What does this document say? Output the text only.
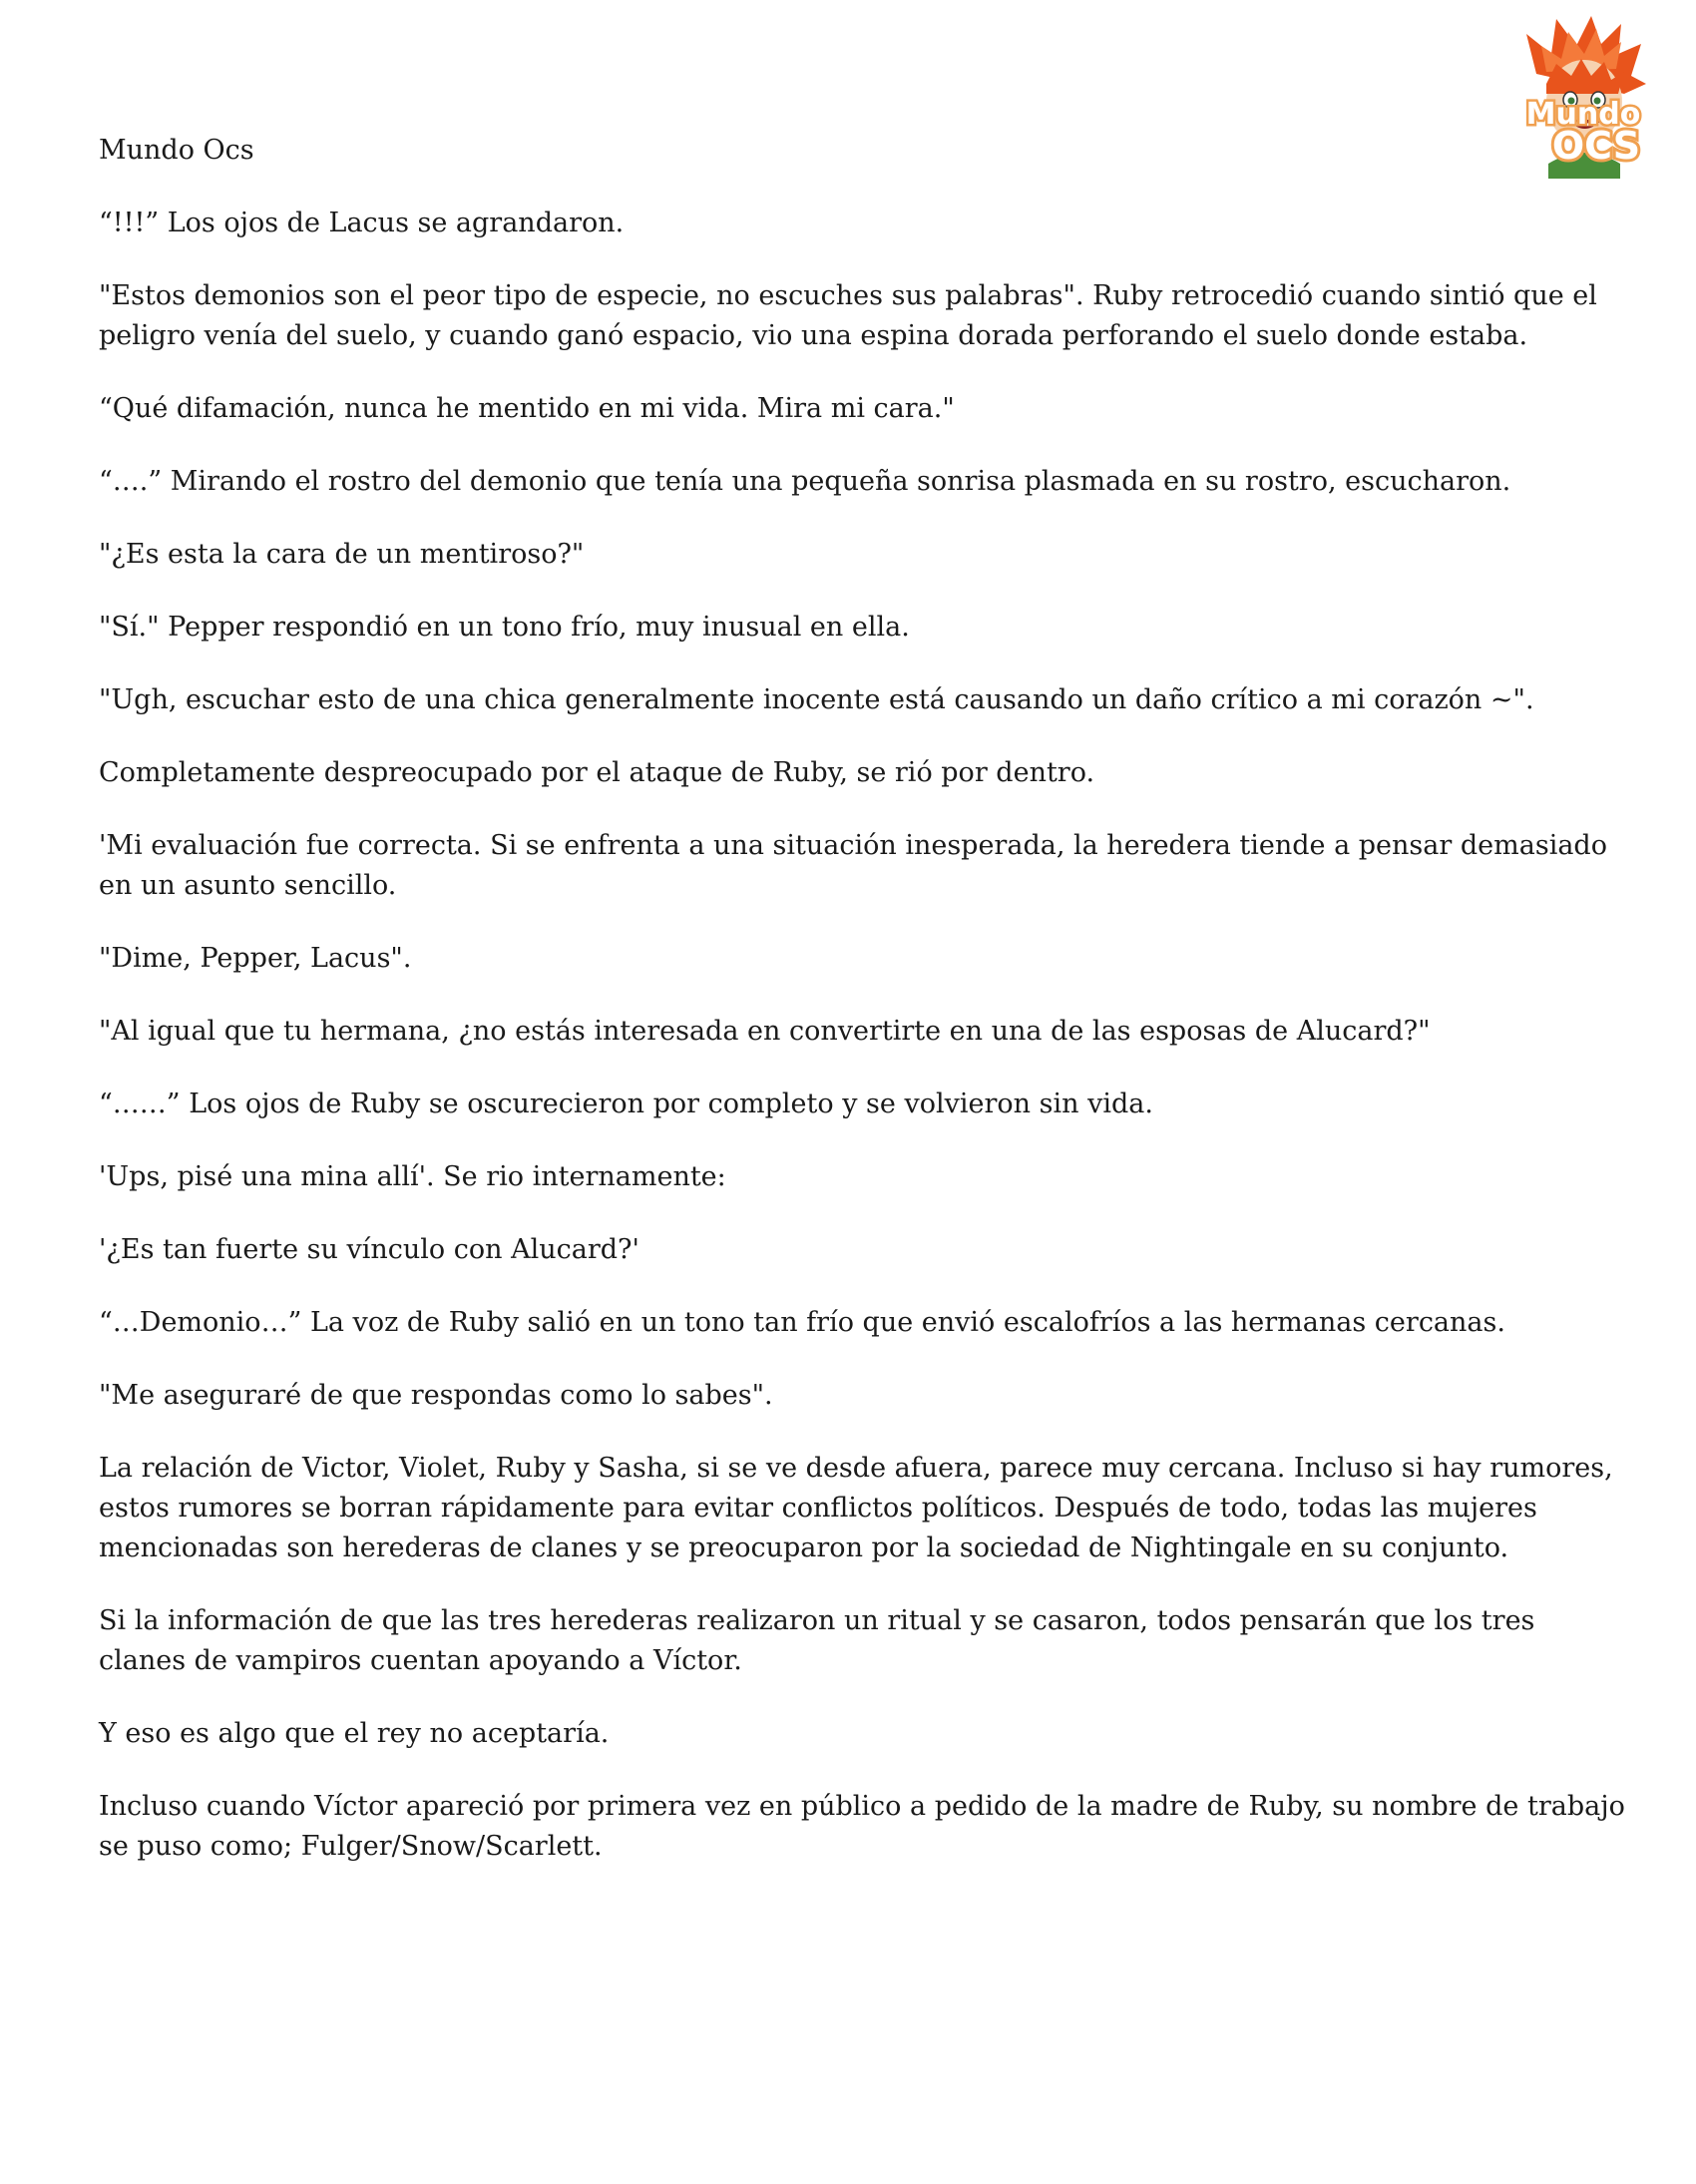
Mundo
OCS

Mundo Ocs

“!!!” Los ojos de Lacus se agrandaron.

"Estos demonios son el peor tipo de especie, no escuches sus palabras". Ruby retrocedió cuando sintió que el peligro venía del suelo, y cuando ganó espacio, vio una espina dorada perforando el suelo donde estaba.

“Qué difamación, nunca he mentido en mi vida. Mira mi cara."

“….” Mirando el rostro del demonio que tenía una pequeña sonrisa plasmada en su rostro, escucharon.

"¿Es esta la cara de un mentiroso?"

"Sí." Pepper respondió en un tono frío, muy inusual en ella.

"Ugh, escuchar esto de una chica generalmente inocente está causando un daño crítico a mi corazón ~".

Completamente despreocupado por el ataque de Ruby, se rió por dentro.

'Mi evaluación fue correcta. Si se enfrenta a una situación inesperada, la heredera tiende a pensar demasiado en un asunto sencillo.

"Dime, Pepper, Lacus".

"Al igual que tu hermana, ¿no estás interesada en convertirte en una de las esposas de Alucard?"

“……” Los ojos de Ruby se oscurecieron por completo y se volvieron sin vida.

'Ups, pisé una mina allí'. Se rio internamente:

'¿Es tan fuerte su vínculo con Alucard?'

“…Demonio…” La voz de Ruby salió en un tono tan frío que envió escalofríos a las hermanas cercanas.

"Me aseguraré de que respondas como lo sabes".

La relación de Victor, Violet, Ruby y Sasha, si se ve desde afuera, parece muy cercana. Incluso si hay rumores, estos rumores se borran rápidamente para evitar conflictos políticos. Después de todo, todas las mujeres mencionadas son herederas de clanes y se preocuparon por la sociedad de Nightingale en su conjunto.

Si la información de que las tres herederas realizaron un ritual y se casaron, todos pensarán que los tres clanes de vampiros cuentan apoyando a Víctor.

Y eso es algo que el rey no aceptaría.

Incluso cuando Víctor apareció por primera vez en público a pedido de la madre de Ruby, su nombre de trabajo se puso como; Fulger/Snow/Scarlett.
